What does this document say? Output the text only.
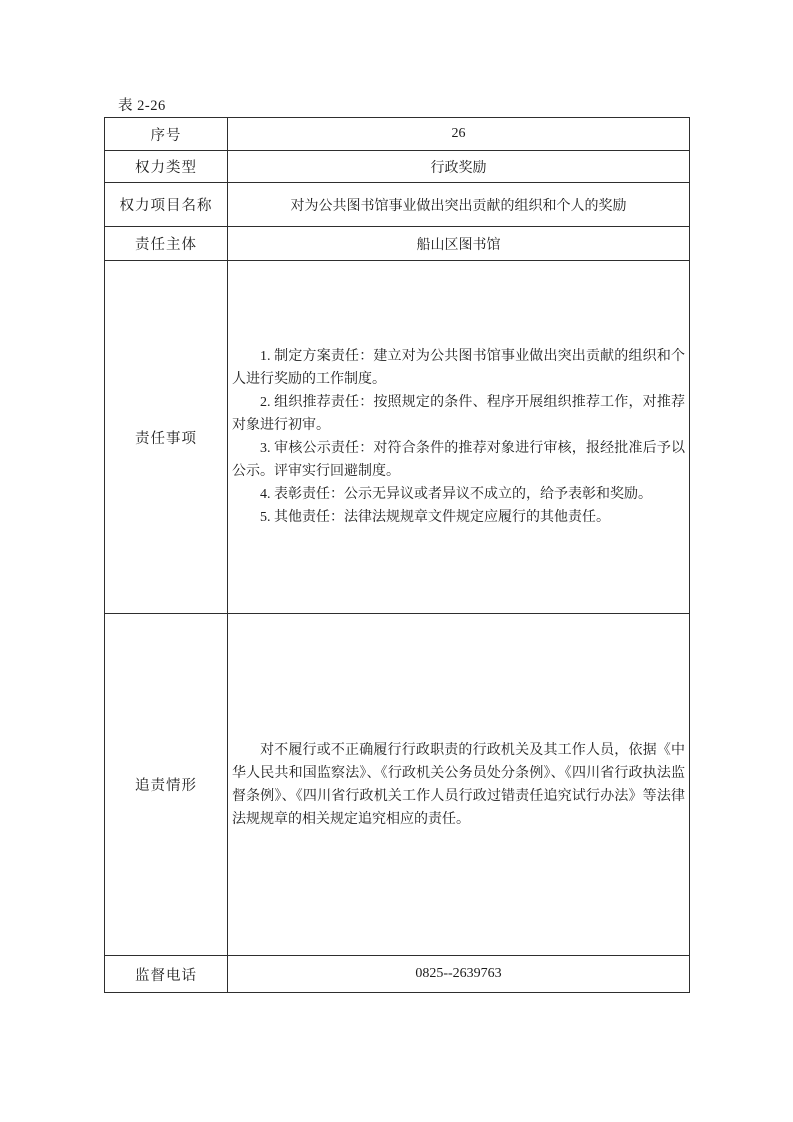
表 2-26
序号	26
权力类型	行政奖励
权力项目名称	对为公共图书馆事业做出突出贡献的组织和个人的奖励
责任主体	船山区图书馆
责任事项	1. 制定方案责任：建立对为公共图书馆事业做出突出贡献的组织和个人进行奖励的工作制度。

2. 组织推荐责任：按照规定的条件、程序开展组织推荐工作，对推荐对象进行初审。

3. 审核公示责任：对符合条件的推荐对象进行审核，报经批准后予以公示。评审实行回避制度。

4. 表彰责任：公示无异议或者异议不成立的，给予表彰和奖励。

5. 其他责任：法律法规规章文件规定应履行的其他责任。

追责情形	对不履行或不正确履行行政职责的行政机关及其工作人员，依据《中华人民共和国监察法》、《行政机关公务员处分条例》、《四川省行政执法监督条例》、《四川省行政机关工作人员行政过错责任追究试行办法》等法律法规规章的相关规定追究相应的责任。

监督电话	0825--2639763
